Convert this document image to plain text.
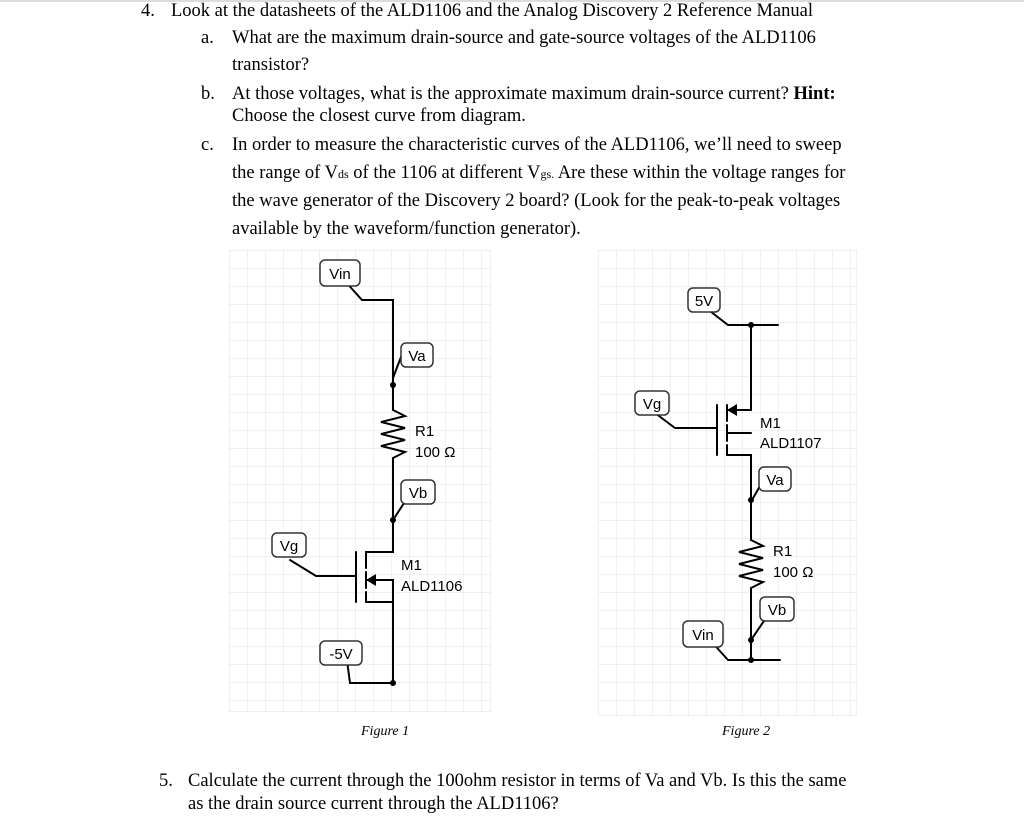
4. Look at the datasheets of the ALD1106 and the Analog Discovery 2 Reference Manual
a. What are the maximum drain-source and gate-source voltages of the ALD1106
transistor?
b. At those voltages, what is the approximate maximum drain-source current? Hint:
Choose the closest curve from diagram.
c. In order to measure the characteristic curves of the ALD1106, we’ll need to sweep
the range of Vds of the 1106 at different Vgs. Are these within the voltage ranges for
the wave generator of the Discovery 2 board? (Look for the peak-to-peak voltages
available by the waveform/function generator).
Vin
Va
Vb
Vg
-5V
R1
100 Ω
M1
ALD1106
Figure 1
5V
Vg
Va
Vb
Vin
M1
ALD1107
R1
100 Ω
Figure 2
5. Calculate the current through the 100ohm resistor in terms of Va and Vb. Is this the same
as the drain source current through the ALD1106?
